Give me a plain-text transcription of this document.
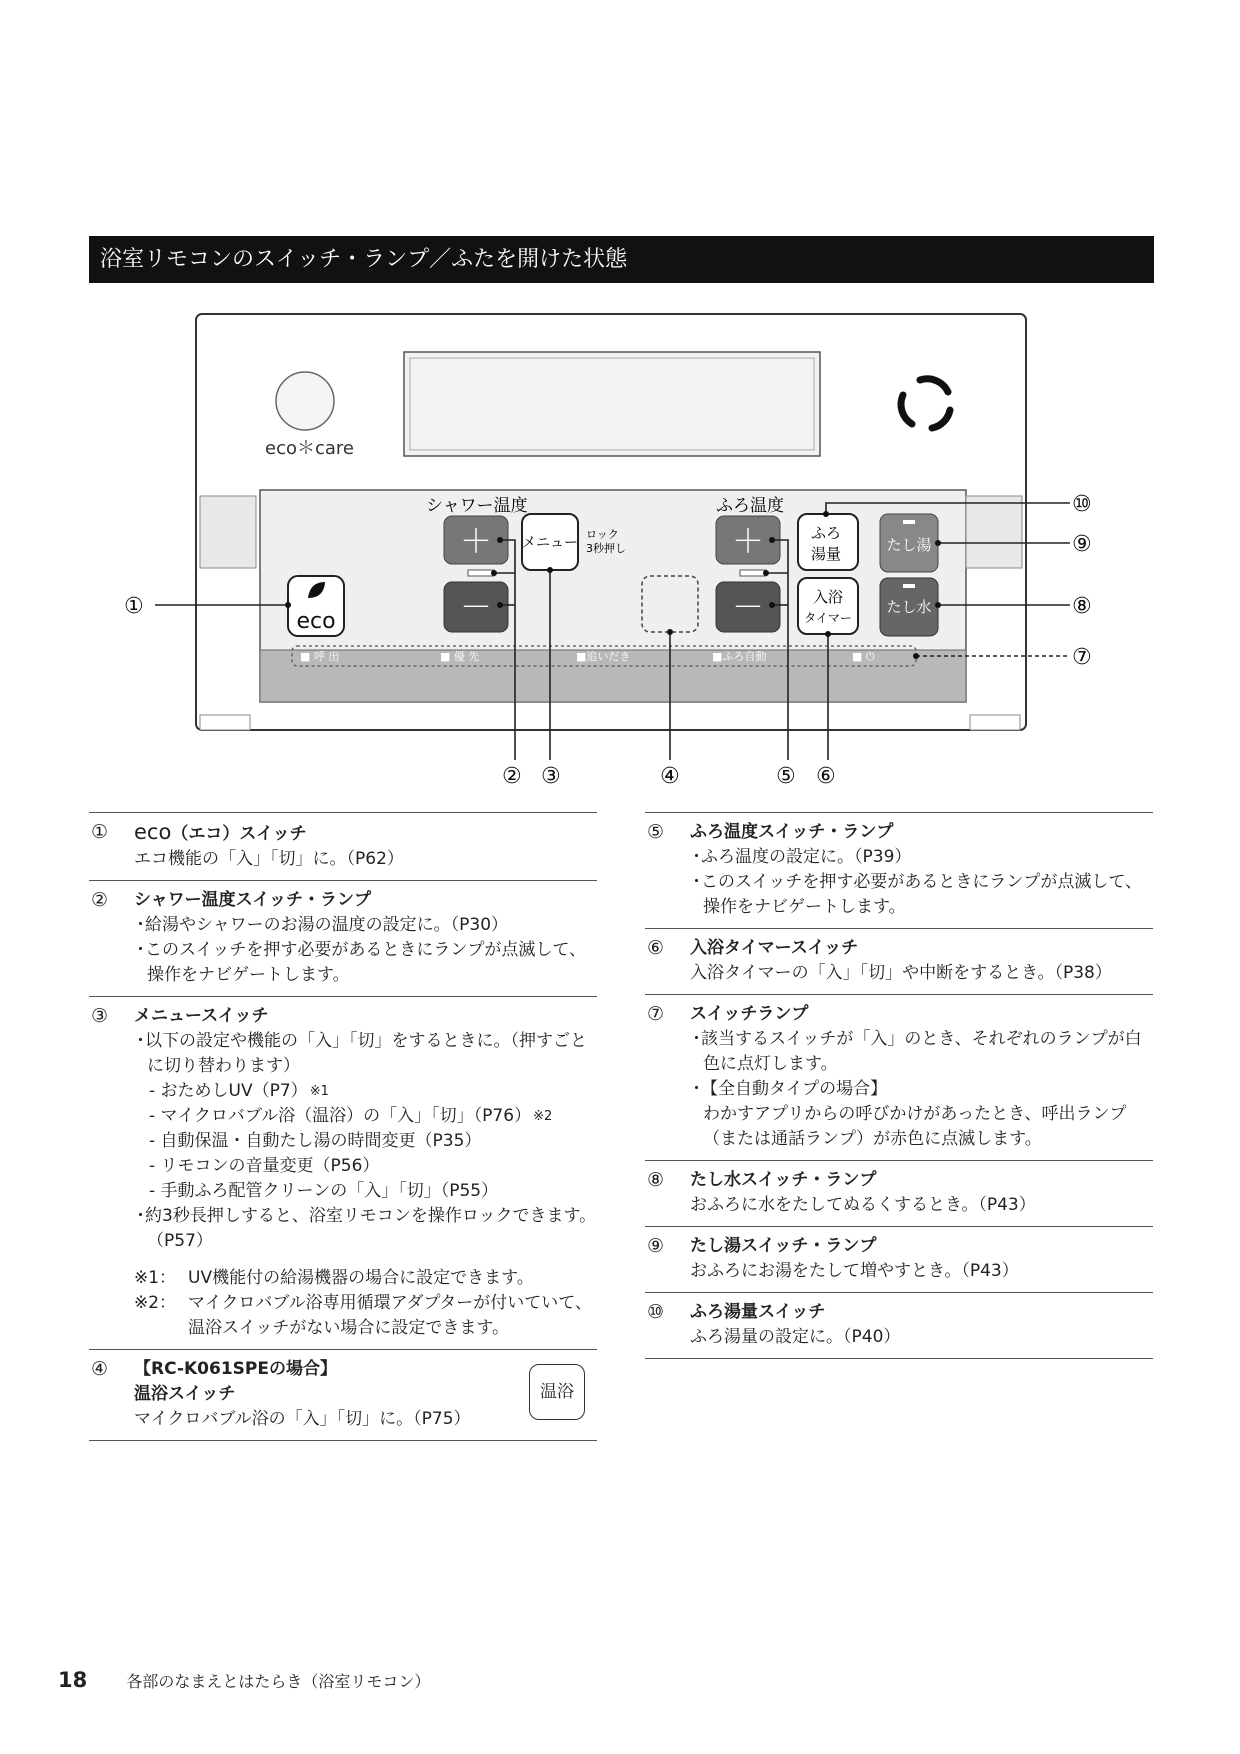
浴室リモコンのスイッチ・ランプ／ふたを開けた状態
eco＊care
eco
シャワー温度	ふろ温度
＋
－
メニュー
ロック
3秒押し	＋
－
ふろ
湯量
入浴
タイマー
たし湯
たし水
■ 呼 出	■ 優 先	■追いだき	■ふろ自動	■ ⏻
①
② ③	④	⑤ ⑥
⑦
⑧
⑨
⑩
①	eco（エコ）スイッチ
エコ機能の「入」「切」に。（P62）
②	シャワー温度スイッチ・ランプ
・ 給湯やシャワーのお湯の温度の設定に。（P30）
・ このスイッチを押す必要があるときにランプが点滅して、操作をナビゲートします。
③	メニュースイッチ
・ 以下の設定や機能の「入」「切」をするときに。（押すごとに切り替わります）
- おためしUV（P7） $^{※1}$
- マイクロバブル浴（温浴）の「入」「切」（P76） $^{※2}$
- 自動保温・自動たし湯の時間変更（P35）
- リモコンの音量変更（P56）
- 手動ふろ配管クリーンの「入」「切」（P55）
・ 約3秒長押しすると、浴室リモコンを操作ロックできます。（P57）
※1： UV機能付の給湯機器の場合に設定できます。
※2： マイクロバブル浴専用循環アダプターが付いていて、温浴スイッチがない場合に設定できます。
④	【RC-K061SPEの場合】
温浴スイッチ
マイクロバブル浴の「入」「切」に。（P75）
温浴
⑤	ふろ温度スイッチ・ランプ
・ ふろ温度の設定に。（P39）
・ このスイッチを押す必要があるときにランプが点滅して、操作をナビゲートします。
⑥	入浴タイマースイッチ
入浴タイマーの「入」「切」や中断をするとき。（P38）
⑦	スイッチランプ
・ 該当するスイッチが「入」のとき、それぞれのランプが白色に点灯します。
・ 【全自動タイプの場合】
わかすアプリからの呼びかけがあったとき、呼出ランプ（または通話ランプ）が赤色に点滅します。
⑧	たし水スイッチ・ランプ
おふろに水をたしてぬるくするとき。（P43）
⑨	たし湯スイッチ・ランプ
おふろにお湯をたして増やすとき。（P43）
⑩	ふろ湯量スイッチ
ふろ湯量の設定に。（P40）
18 各部のなまえとはたらき（浴室リモコン）
